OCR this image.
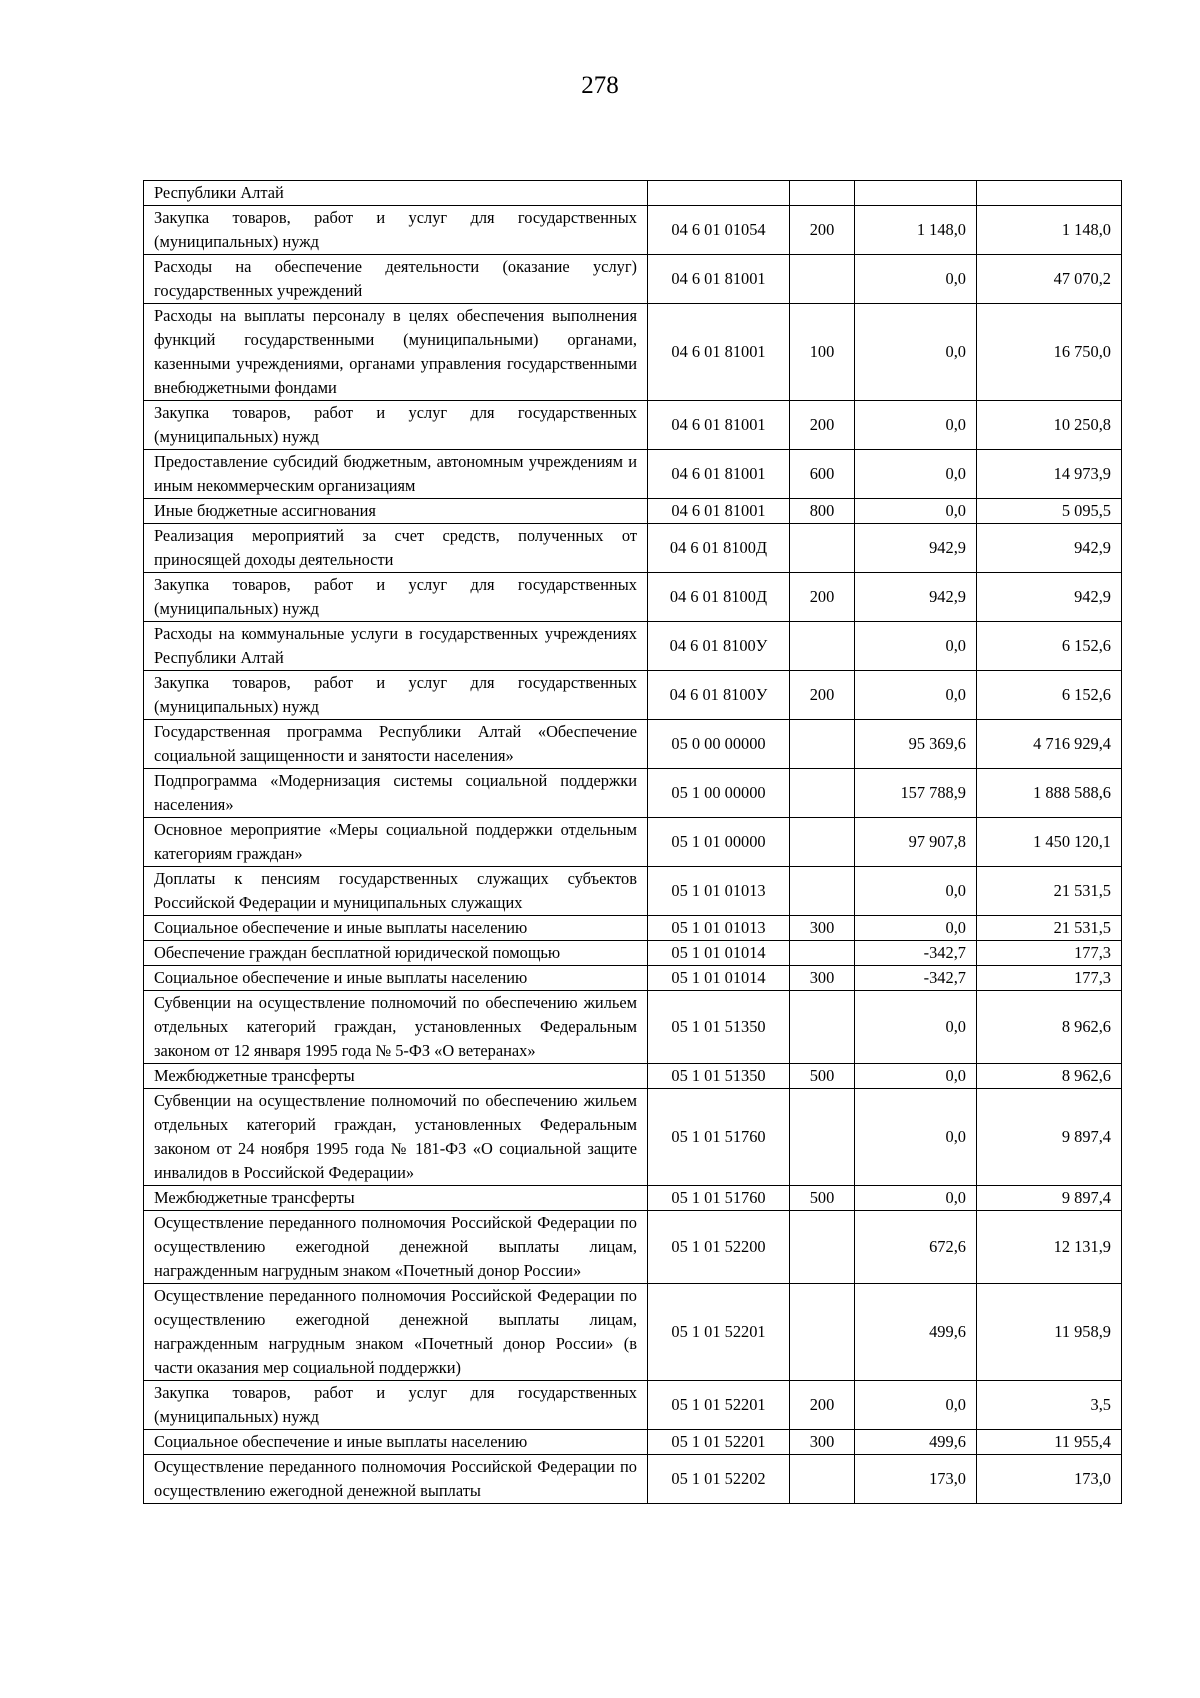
278
Республики Алтай				
Закупка товаров, работ и услуг для государственных (муниципальных) нужд	04 6 01 01054	200	1 148,0	1 148,0
Расходы на обеспечение деятельности (оказание услуг) государственных учреждений	04 6 01 81001		0,0	47 070,2
Расходы на выплаты персоналу в целях обеспечения выполнения функций государственными (муниципальными) органами, казенными учреждениями, органами управления государственными внебюджетными фондами	04 6 01 81001	100	0,0	16 750,0
Закупка товаров, работ и услуг для государственных (муниципальных) нужд	04 6 01 81001	200	0,0	10 250,8
Предоставление субсидий бюджетным, автономным учреждениям и иным некоммерческим организациям	04 6 01 81001	600	0,0	14 973,9
Иные бюджетные ассигнования	04 6 01 81001	800	0,0	5 095,5
Реализация мероприятий за счет средств, полученных от приносящей доходы деятельности	04 6 01 8100Д		942,9	942,9
Закупка товаров, работ и услуг для государственных (муниципальных) нужд	04 6 01 8100Д	200	942,9	942,9
Расходы на коммунальные услуги в государственных учреждениях Республики Алтай	04 6 01 8100У		0,0	6 152,6
Закупка товаров, работ и услуг для государственных (муниципальных) нужд	04 6 01 8100У	200	0,0	6 152,6
Государственная программа Республики Алтай «Обеспечение социальной защищенности и занятости населения»	05 0 00 00000		95 369,6	4 716 929,4
Подпрограмма «Модернизация системы социальной поддержки населения»	05 1 00 00000		157 788,9	1 888 588,6
Основное мероприятие «Меры социальной поддержки отдельным категориям граждан»	05 1 01 00000		97 907,8	1 450 120,1
Доплаты к пенсиям государственных служащих субъектов Российской Федерации и муниципальных служащих	05 1 01 01013		0,0	21 531,5
Социальное обеспечение и иные выплаты населению	05 1 01 01013	300	0,0	21 531,5
Обеспечение граждан бесплатной юридической помощью	05 1 01 01014		-342,7	177,3
Социальное обеспечение и иные выплаты населению	05 1 01 01014	300	-342,7	177,3
Субвенции на осуществление полномочий по обеспечению жильем отдельных категорий граждан, установленных Федеральным законом от 12 января 1995 года № 5-ФЗ «О ветеранах»	05 1 01 51350		0,0	8 962,6
Межбюджетные трансферты	05 1 01 51350	500	0,0	8 962,6
Субвенции на осуществление полномочий по обеспечению жильем отдельных категорий граждан, установленных Федеральным законом от 24 ноября 1995 года № 181-ФЗ «О социальной защите инвалидов в Российской Федерации»	05 1 01 51760		0,0	9 897,4
Межбюджетные трансферты	05 1 01 51760	500	0,0	9 897,4
Осуществление переданного полномочия Российской Федерации по осуществлению ежегодной денежной выплаты лицам, награжденным нагрудным знаком «Почетный донор России»	05 1 01 52200		672,6	12 131,9
Осуществление переданного полномочия Российской Федерации по осуществлению ежегодной денежной выплаты лицам, награжденным нагрудным знаком «Почетный донор России» (в части оказания мер социальной поддержки)	05 1 01 52201		499,6	11 958,9
Закупка товаров, работ и услуг для государственных (муниципальных) нужд	05 1 01 52201	200	0,0	3,5
Социальное обеспечение и иные выплаты населению	05 1 01 52201	300	499,6	11 955,4
Осуществление переданного полномочия Российской Федерации по осуществлению ежегодной денежной выплаты	05 1 01 52202		173,0	173,0
